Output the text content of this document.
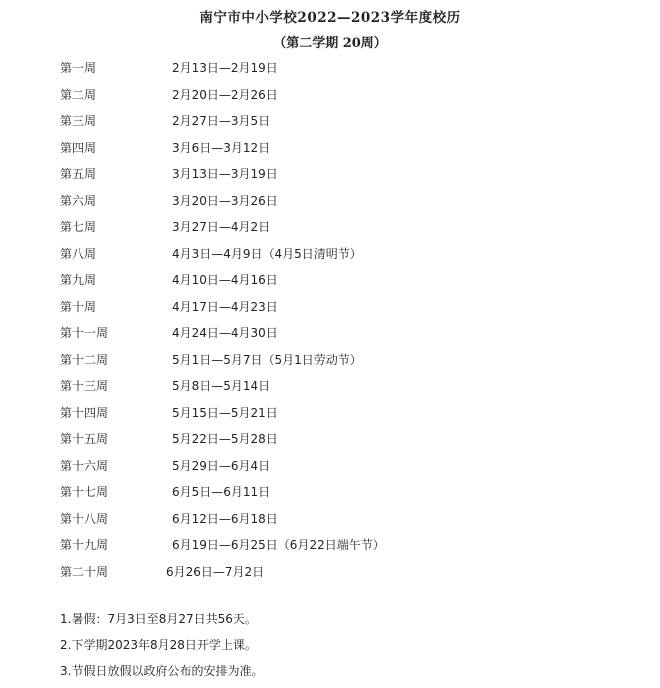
南宁市中小学校2022—2023学年度校历
（第二学期 20周）
第一周	2月13日—2月19日
第二周	2月20日—2月26日
第三周	2月27日—3月5日
第四周	3月6日—3月12日
第五周	3月13日—3月19日
第六周	3月20日—3月26日
第七周	3月27日—4月2日
第八周	4月3日—4月9日（4月5日清明节）
第九周	4月10日—4月16日
第十周	4月17日—4月23日
第十一周	4月24日—4月30日
第十二周	5月1日—5月7日（5月1日劳动节）
第十三周	5月8日—5月14日
第十四周	5月15日—5月21日
第十五周	5月22日—5月28日
第十六周	5月29日—6月4日
第十七周	6月5日—6月11日
第十八周	6月12日—6月18日
第十九周	6月19日—6月25日（6月22日端午节）
第二十周	6月26日—7月2日
1.暑假：7月3日至8月27日共56天。
2.下学期2023年8月28日开学上课。
3.节假日放假以政府公布的安排为准。
